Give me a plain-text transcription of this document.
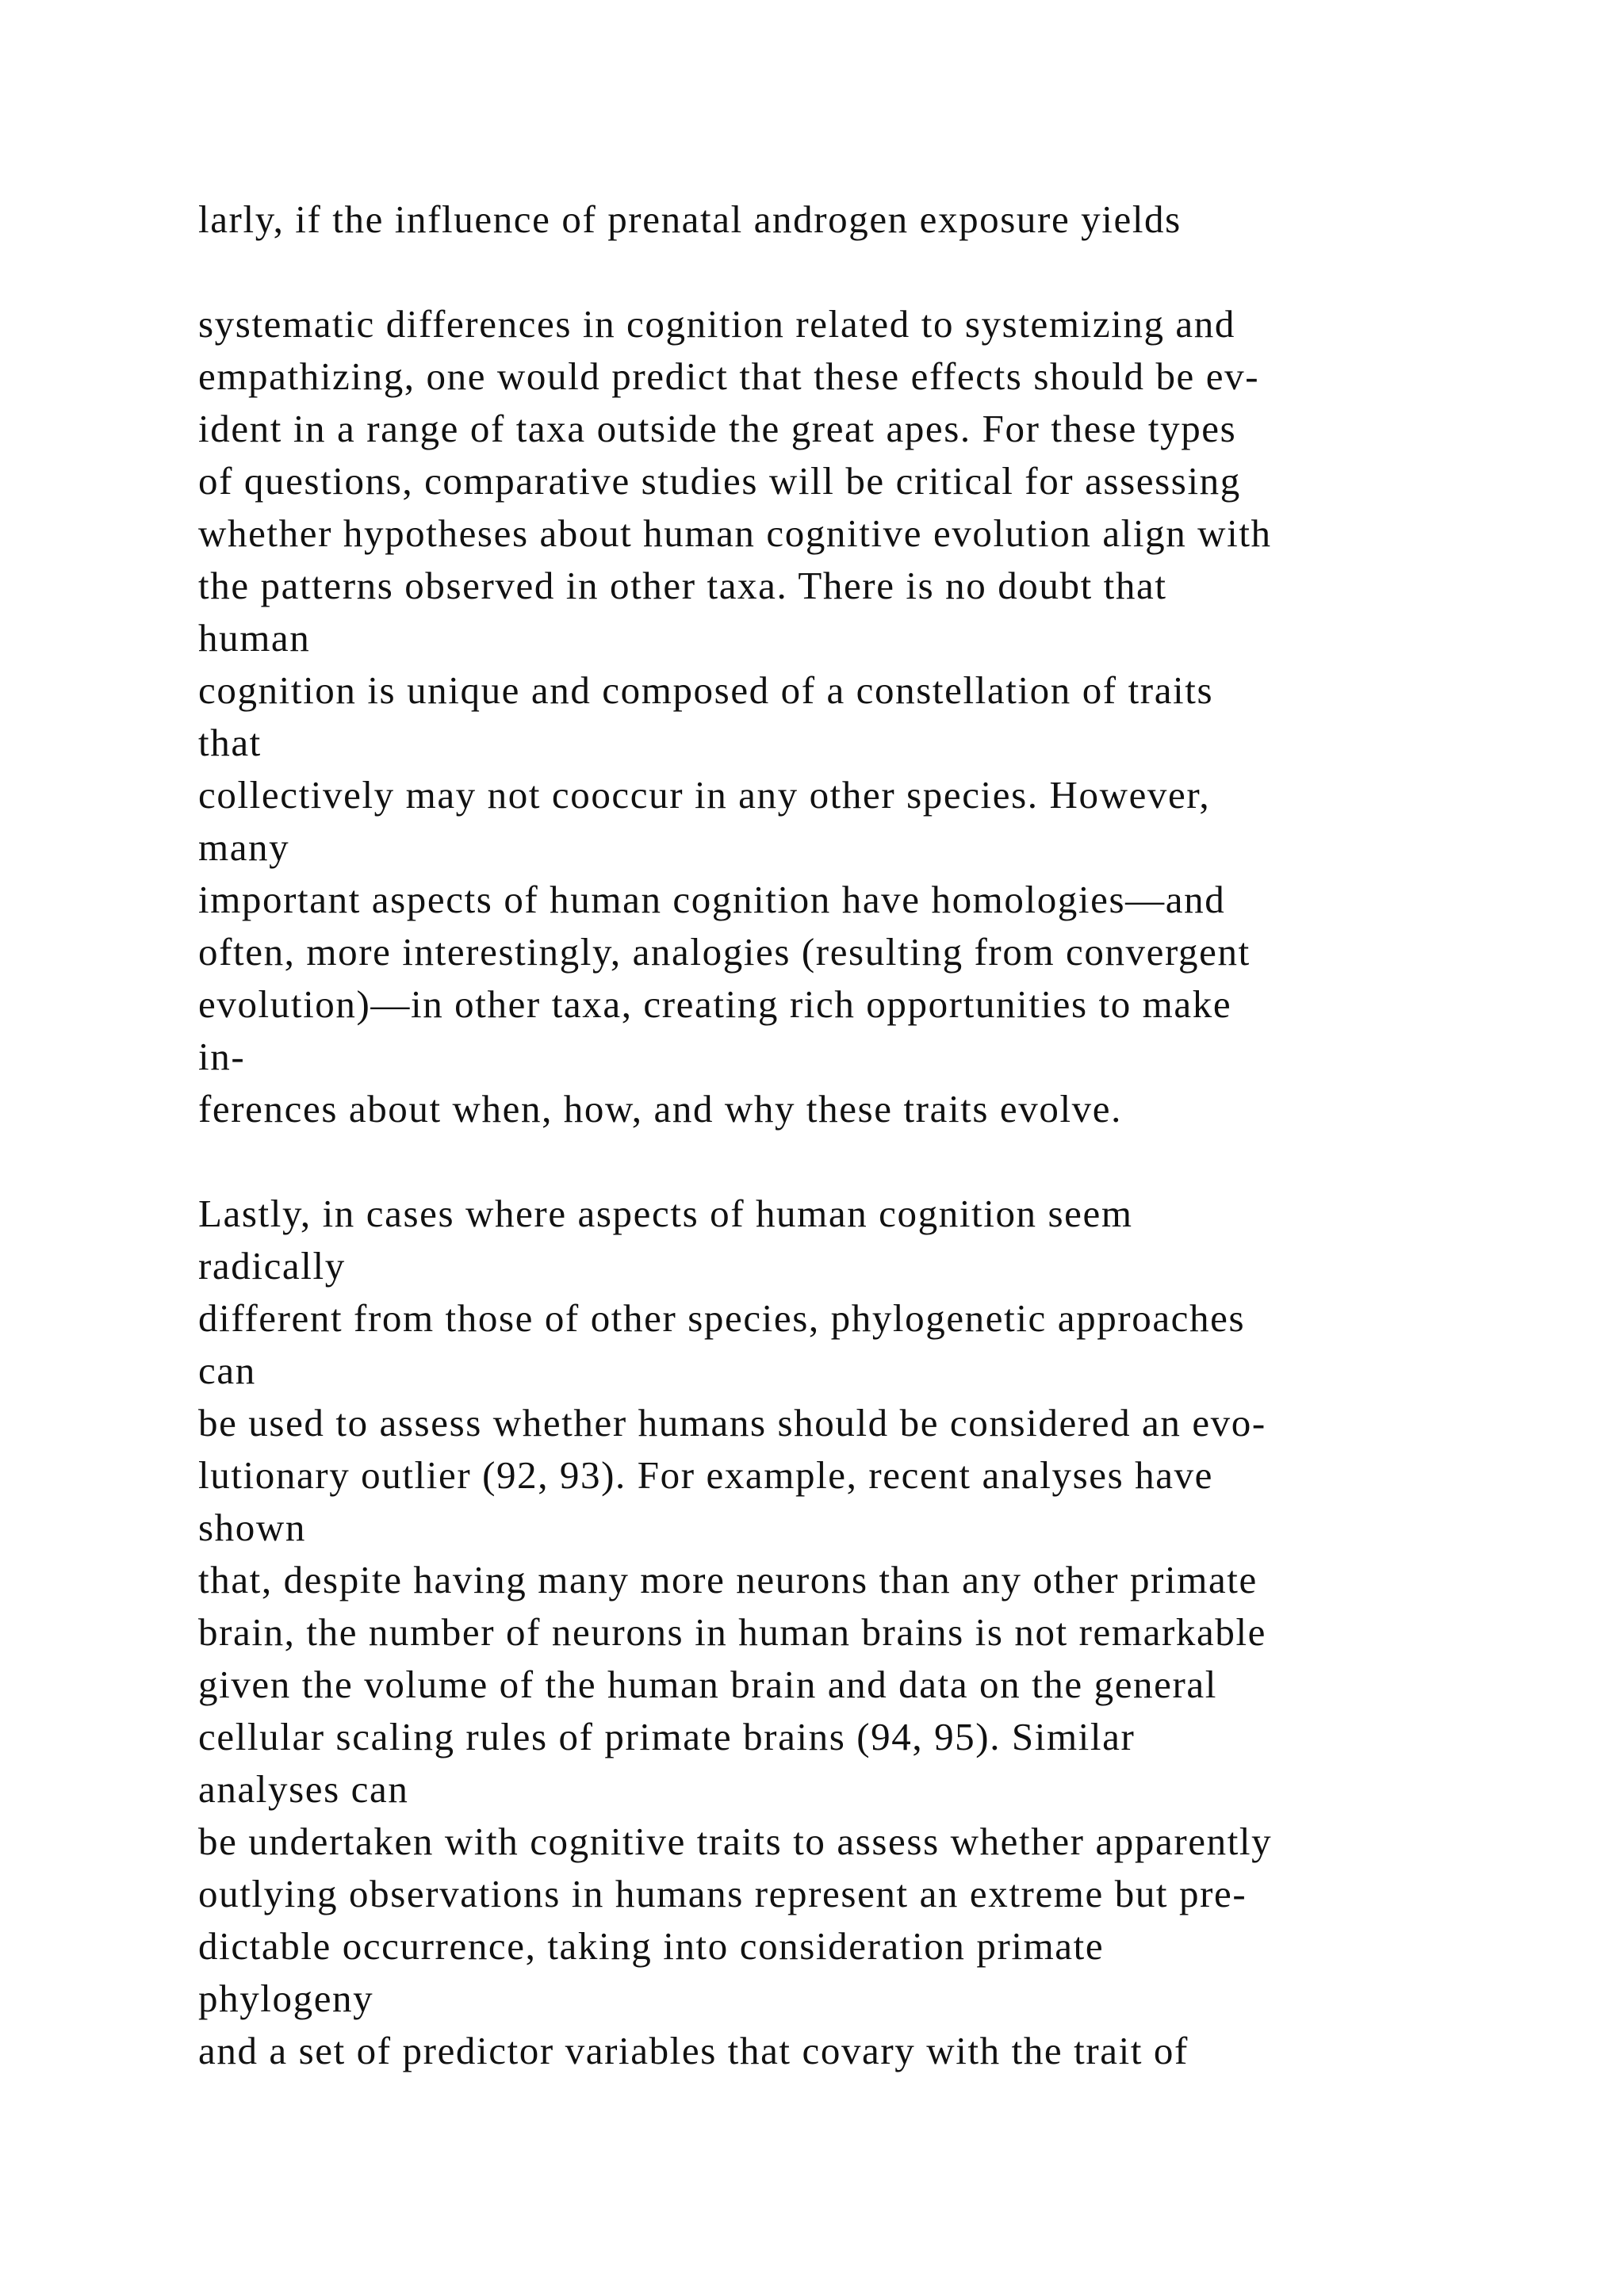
larly, if the influence of prenatal androgen exposure yields
systematic differences in cognition related to systemizing and
empathizing, one would predict that these effects should be ev-
ident in a range of taxa outside the great apes. For these types
of questions, comparative studies will be critical for assessing
whether hypotheses about human cognitive evolution align with
the patterns observed in other taxa. There is no doubt that
human
cognition is unique and composed of a constellation of traits
that
collectively may not cooccur in any other species. However,
many
important aspects of human cognition have homologies—and
often, more interestingly, analogies (resulting from convergent
evolution)—in other taxa, creating rich opportunities to make
in-
ferences about when, how, and why these traits evolve.
Lastly, in cases where aspects of human cognition seem
radically
different from those of other species, phylogenetic approaches
can
be used to assess whether humans should be considered an evo-
lutionary outlier (92, 93). For example, recent analyses have
shown
that, despite having many more neurons than any other primate
brain, the number of neurons in human brains is not remarkable
given the volume of the human brain and data on the general
cellular scaling rules of primate brains (94, 95). Similar
analyses can
be undertaken with cognitive traits to assess whether apparently
outlying observations in humans represent an extreme but pre-
dictable occurrence, taking into consideration primate
phylogeny
and a set of predictor variables that covary with the trait of
